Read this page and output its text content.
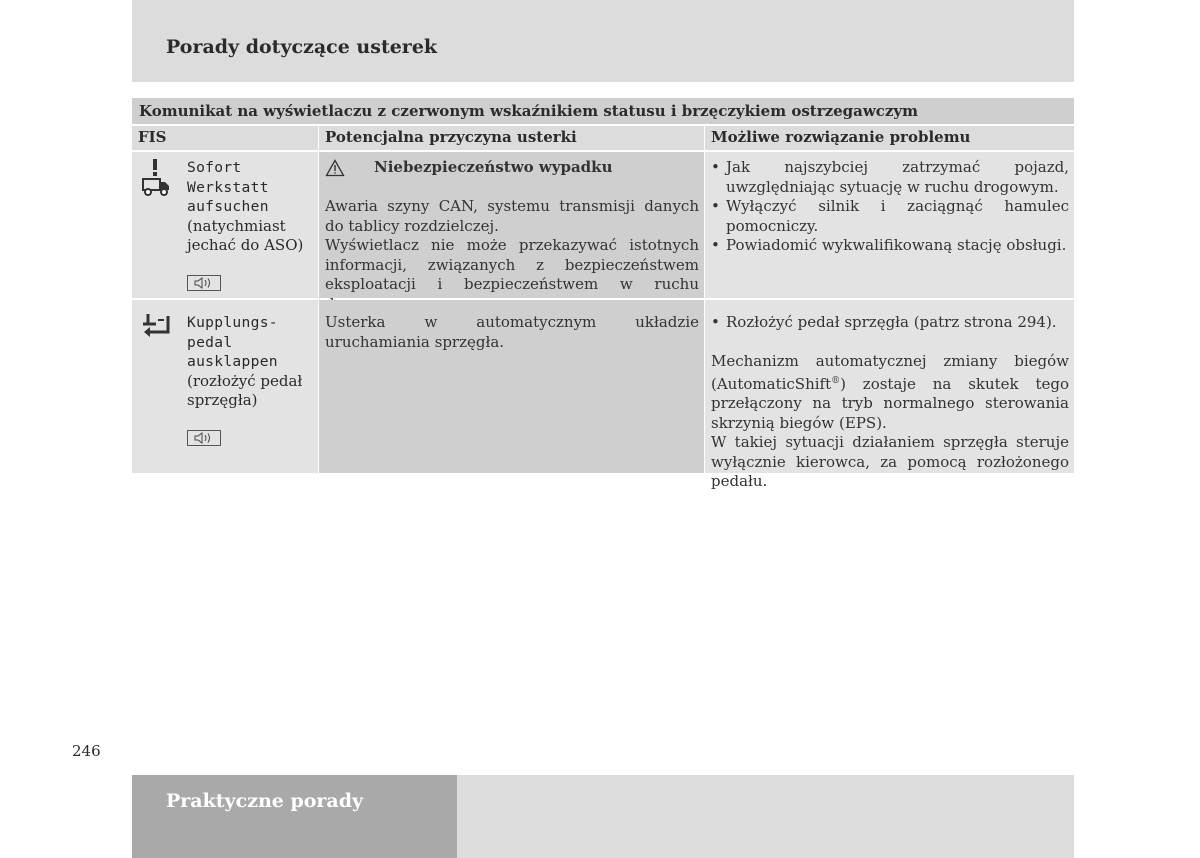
Porady dotyczące usterek
Komunikat na wyświetlaczu z czerwonym wskaźnikiem statusu i brzęczykiem ostrzegawczym
FIS	Potencjalna przyczyna usterki	Możliwe rozwiązanie problemu
Sofort
Werkstatt
aufsuchen
(natychmiast jechać do ASO)
Niebezpieczeństwo wypadku
Awaria szyny CAN, systemu transmisji danych do tablicy rozdzielczej.
Wyświetlacz nie może przekazywać istotnych informacji, związanych z bezpieczeństwem eksploatacji i bezpieczeństwem w ruchu
• Jak najszybciej zatrzymać pojazd, uwzględniając sytuację w ruchu drogowym.
• Wyłączyć silnik i zaciągnąć hamulec pomocniczy.
• Powiadomić wykwalifikowaną stację obsługi.
Kupplungs-
pedal
ausklappen
(rozłożyć pedał sprzęgła)
Usterka w automatycznym układzie uruchamiania sprzęgła.
• Rozłożyć pedał sprzęgła (patrz strona 294).
Mechanizm automatycznej zmiany biegów (AutomaticShift®) zostaje na skutek tego przełączony na tryb normalnego sterowania skrzynią biegów (EPS).
W takiej sytuacji działaniem sprzęgła steruje wyłącznie kierowca, za pomocą rozłożonego pedału.
246
Praktyczne porady
